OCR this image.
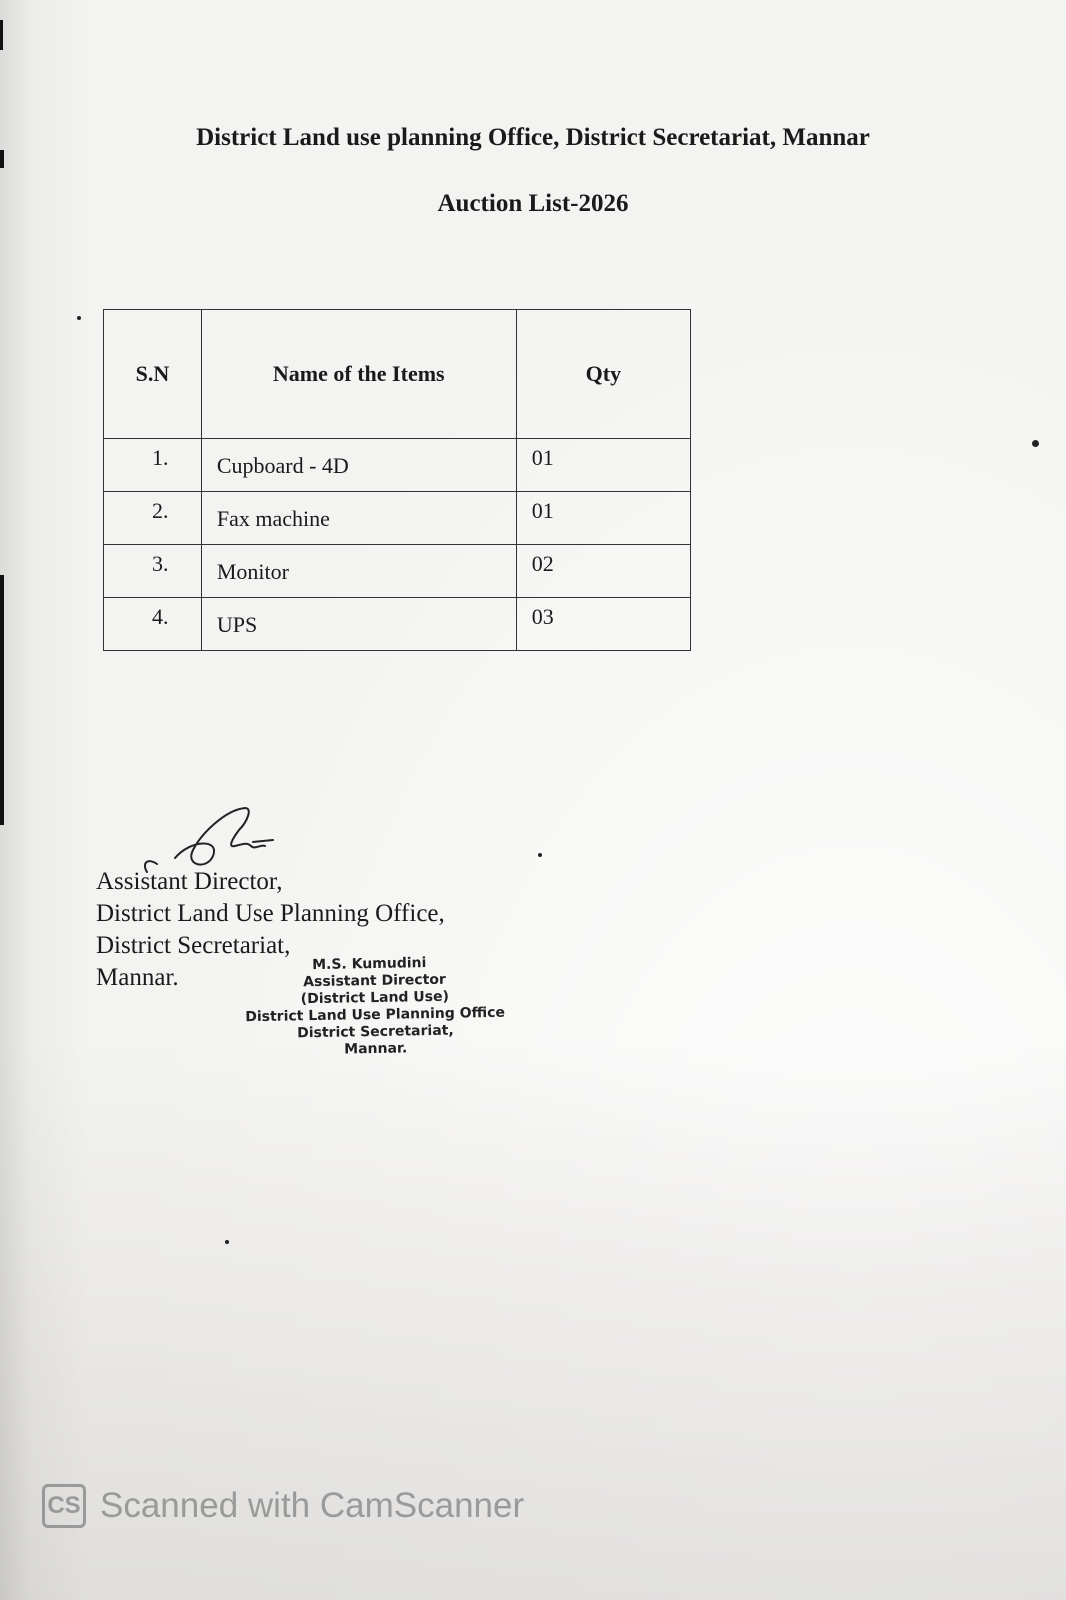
District Land use planning Office, District Secretariat, Mannar
Auction List-2026
S.N	Name of the Items	Qty

1.	Cupboard - 4D	01

2.	Fax machine	01

3.	Monitor	02

4.	UPS	03
Assistant Director,
District Land Use Planning Office,
District Secretariat,
Mannar.	M.S. Kumudini
Assistant Director
(District Land Use)
District Land Use Planning Office
District Secretariat,
Mannar.
CS Scanned with CamScanner
